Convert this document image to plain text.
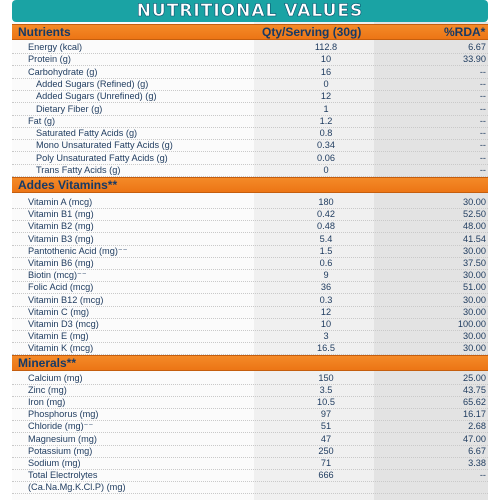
NUTRITIONAL VALUES
Nutrients	Qty/Serving (30g)	%RDA*
Energy (kcal)	112.8	6.67
Protein (g)	10	33.90
Carbohydrate (g)	16	--
Added Sugars (Refined) (g)	0	--
Added Sugars (Unrefined) (g)	12	--
Dietary Fiber (g)	1	--
Fat (g)	1.2	--
Saturated Fatty Acids (g)	0.8	--
Mono Unsaturated Fatty Acids (g)	0.34	--
Poly Unsaturated Fatty Acids (g)	0.06	--
Trans Fatty Acids (g)	0	--
Addes Vitamins**
Vitamin A (mcg)	180	30.00
Vitamin B1 (mg)	0.42	52.50
Vitamin B2 (mg)	0.48	48.00
Vitamin B3 (mg)	5.4	41.54
Pantothenic Acid (mg)⁻⁻	1.5	30.00
Vitamin B6 (mg)	0.6	37.50
Biotin (mcg)⁻⁻	9	30.00
Folic Acid (mcg)	36	51.00
Vitamin B12 (mcg)	0.3	30.00
Vitamin C (mg)	12	30.00
Vitamin D3 (mcg)	10	100.00
Vitamin E (mg)	3	30.00
Vitamin K (mcg)	16.5	30.00
Minerals**
Calcium (mg)	150	25.00
Zinc (mg)	3.5	43.75
Iron (mg)	10.5	65.62
Phosphorus (mg)	97	16.17
Chloride (mg)⁻⁻	51	2.68
Magnesium (mg)	47	47.00
Potassium (mg)	250	6.67
Sodium (mg)	71	3.38
Total Electrolytes	666	--
(Ca.Na.Mg.K.Cl.P) (mg)
